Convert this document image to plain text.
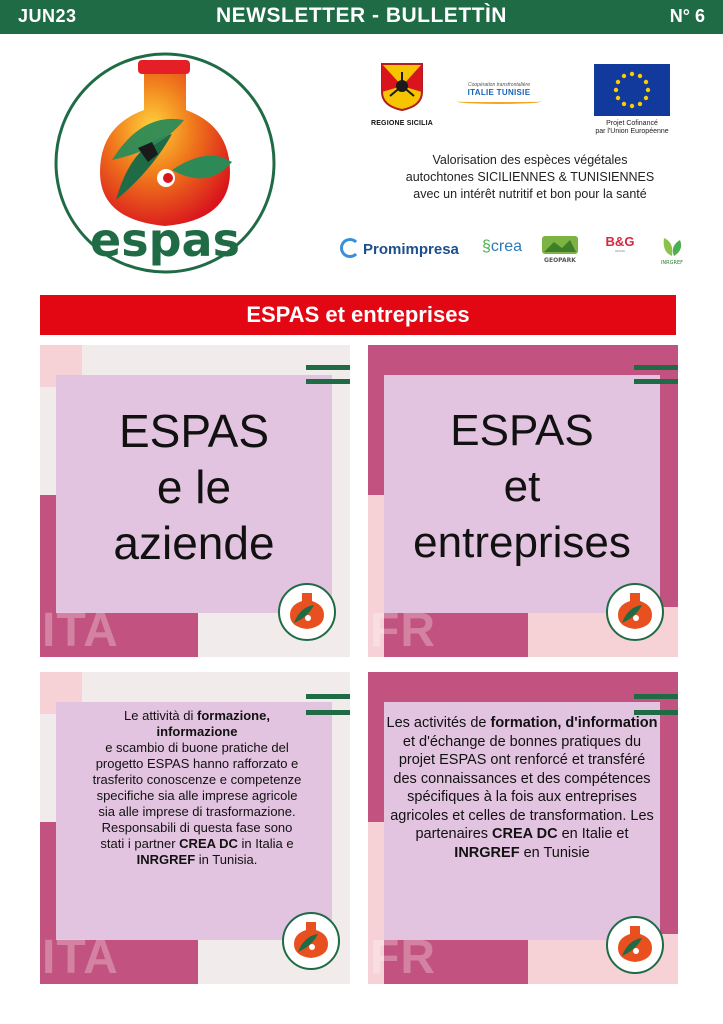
JUN23	NEWSLETTER - BULLETTÌN	N° 6
espas
REGIONE SICILIA
Coopération transfrontalière
ITALIE TUNISIE
Projet Cofinancé
par l'Union Européenne
Valorisation des espèces végétales
autochtones SICILIENNES & TUNISIENNES
avec un intérêt nutritif et bon pour la santé
Promimpresa §crea
GEOPARK
B&G
▭▭▭
INRGREF
ESPAS et entreprises
ESPAS
e le
aziende
ITA
ESPAS
et
entreprises
FR
Le attività di formazione, informazione
e scambio di buone pratiche del progetto ESPAS hanno rafforzato e trasferito conoscenze e competenze specifiche sia alle imprese agricole sia alle imprese di trasformazione. Responsabili di questa fase sono stati i partner CREA DC in Italia e INRGREF in Tunisia.
ITA
Les activités de formation, d'information et d'échange de bonnes pratiques du projet ESPAS ont renforcé et transféré des connaissances et des compétences spécifiques à la fois aux entreprises agricoles et celles de transformation. Les partenaires CREA DC en Italie et INRGREF en Tunisie
FR
